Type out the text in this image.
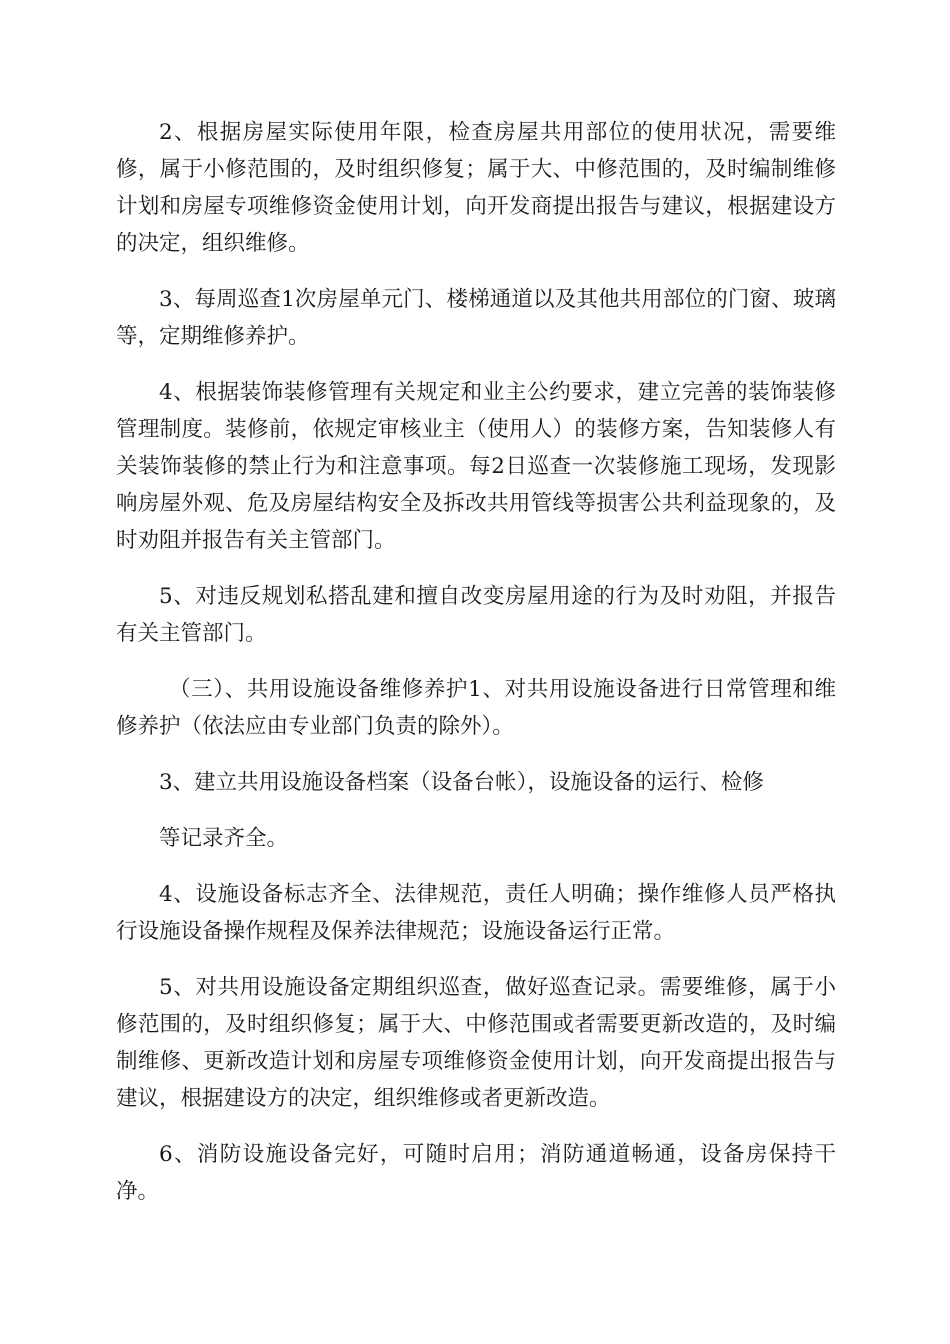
2、根据房屋实际使用年限，检查房屋共用部位的使用状况，需要维修，属于小修范围的，及时组织修复；属于大、中修范围的，及时编制维修计划和房屋专项维修资金使用计划，向开发商提出报告与建议，根据建设方的决定，组织维修。

3、每周巡查1次房屋单元门、楼梯通道以及其他共用部位的门窗、玻璃等，定期维修养护。

4、根据装饰装修管理有关规定和业主公约要求，建立完善的装饰装修管理制度。装修前，依规定审核业主（使用人）的装修方案，告知装修人有关装饰装修的禁止行为和注意事项。每2日巡查一次装修施工现场，发现影响房屋外观、危及房屋结构安全及拆改共用管线等损害公共利益现象的，及时劝阻并报告有关主管部门。

5、对违反规划私搭乱建和擅自改变房屋用途的行为及时劝阻，并报告有关主管部门。

（三）、共用设施设备维修养护1、对共用设施设备进行日常管理和维修养护（依法应由专业部门负责的除外）。

3、建立共用设施设备档案（设备台帐），设施设备的运行、检修

等记录齐全。

4、设施设备标志齐全、法律规范，责任人明确；操作维修人员严格执行设施设备操作规程及保养法律规范；设施设备运行正常。

5、对共用设施设备定期组织巡查，做好巡查记录。需要维修，属于小修范围的，及时组织修复；属于大、中修范围或者需要更新改造的，及时编制维修、更新改造计划和房屋专项维修资金使用计划，向开发商提出报告与建议，根据建设方的决定，组织维修或者更新改造。

6、消防设施设备完好，可随时启用；消防通道畅通，设备房保持干净。
